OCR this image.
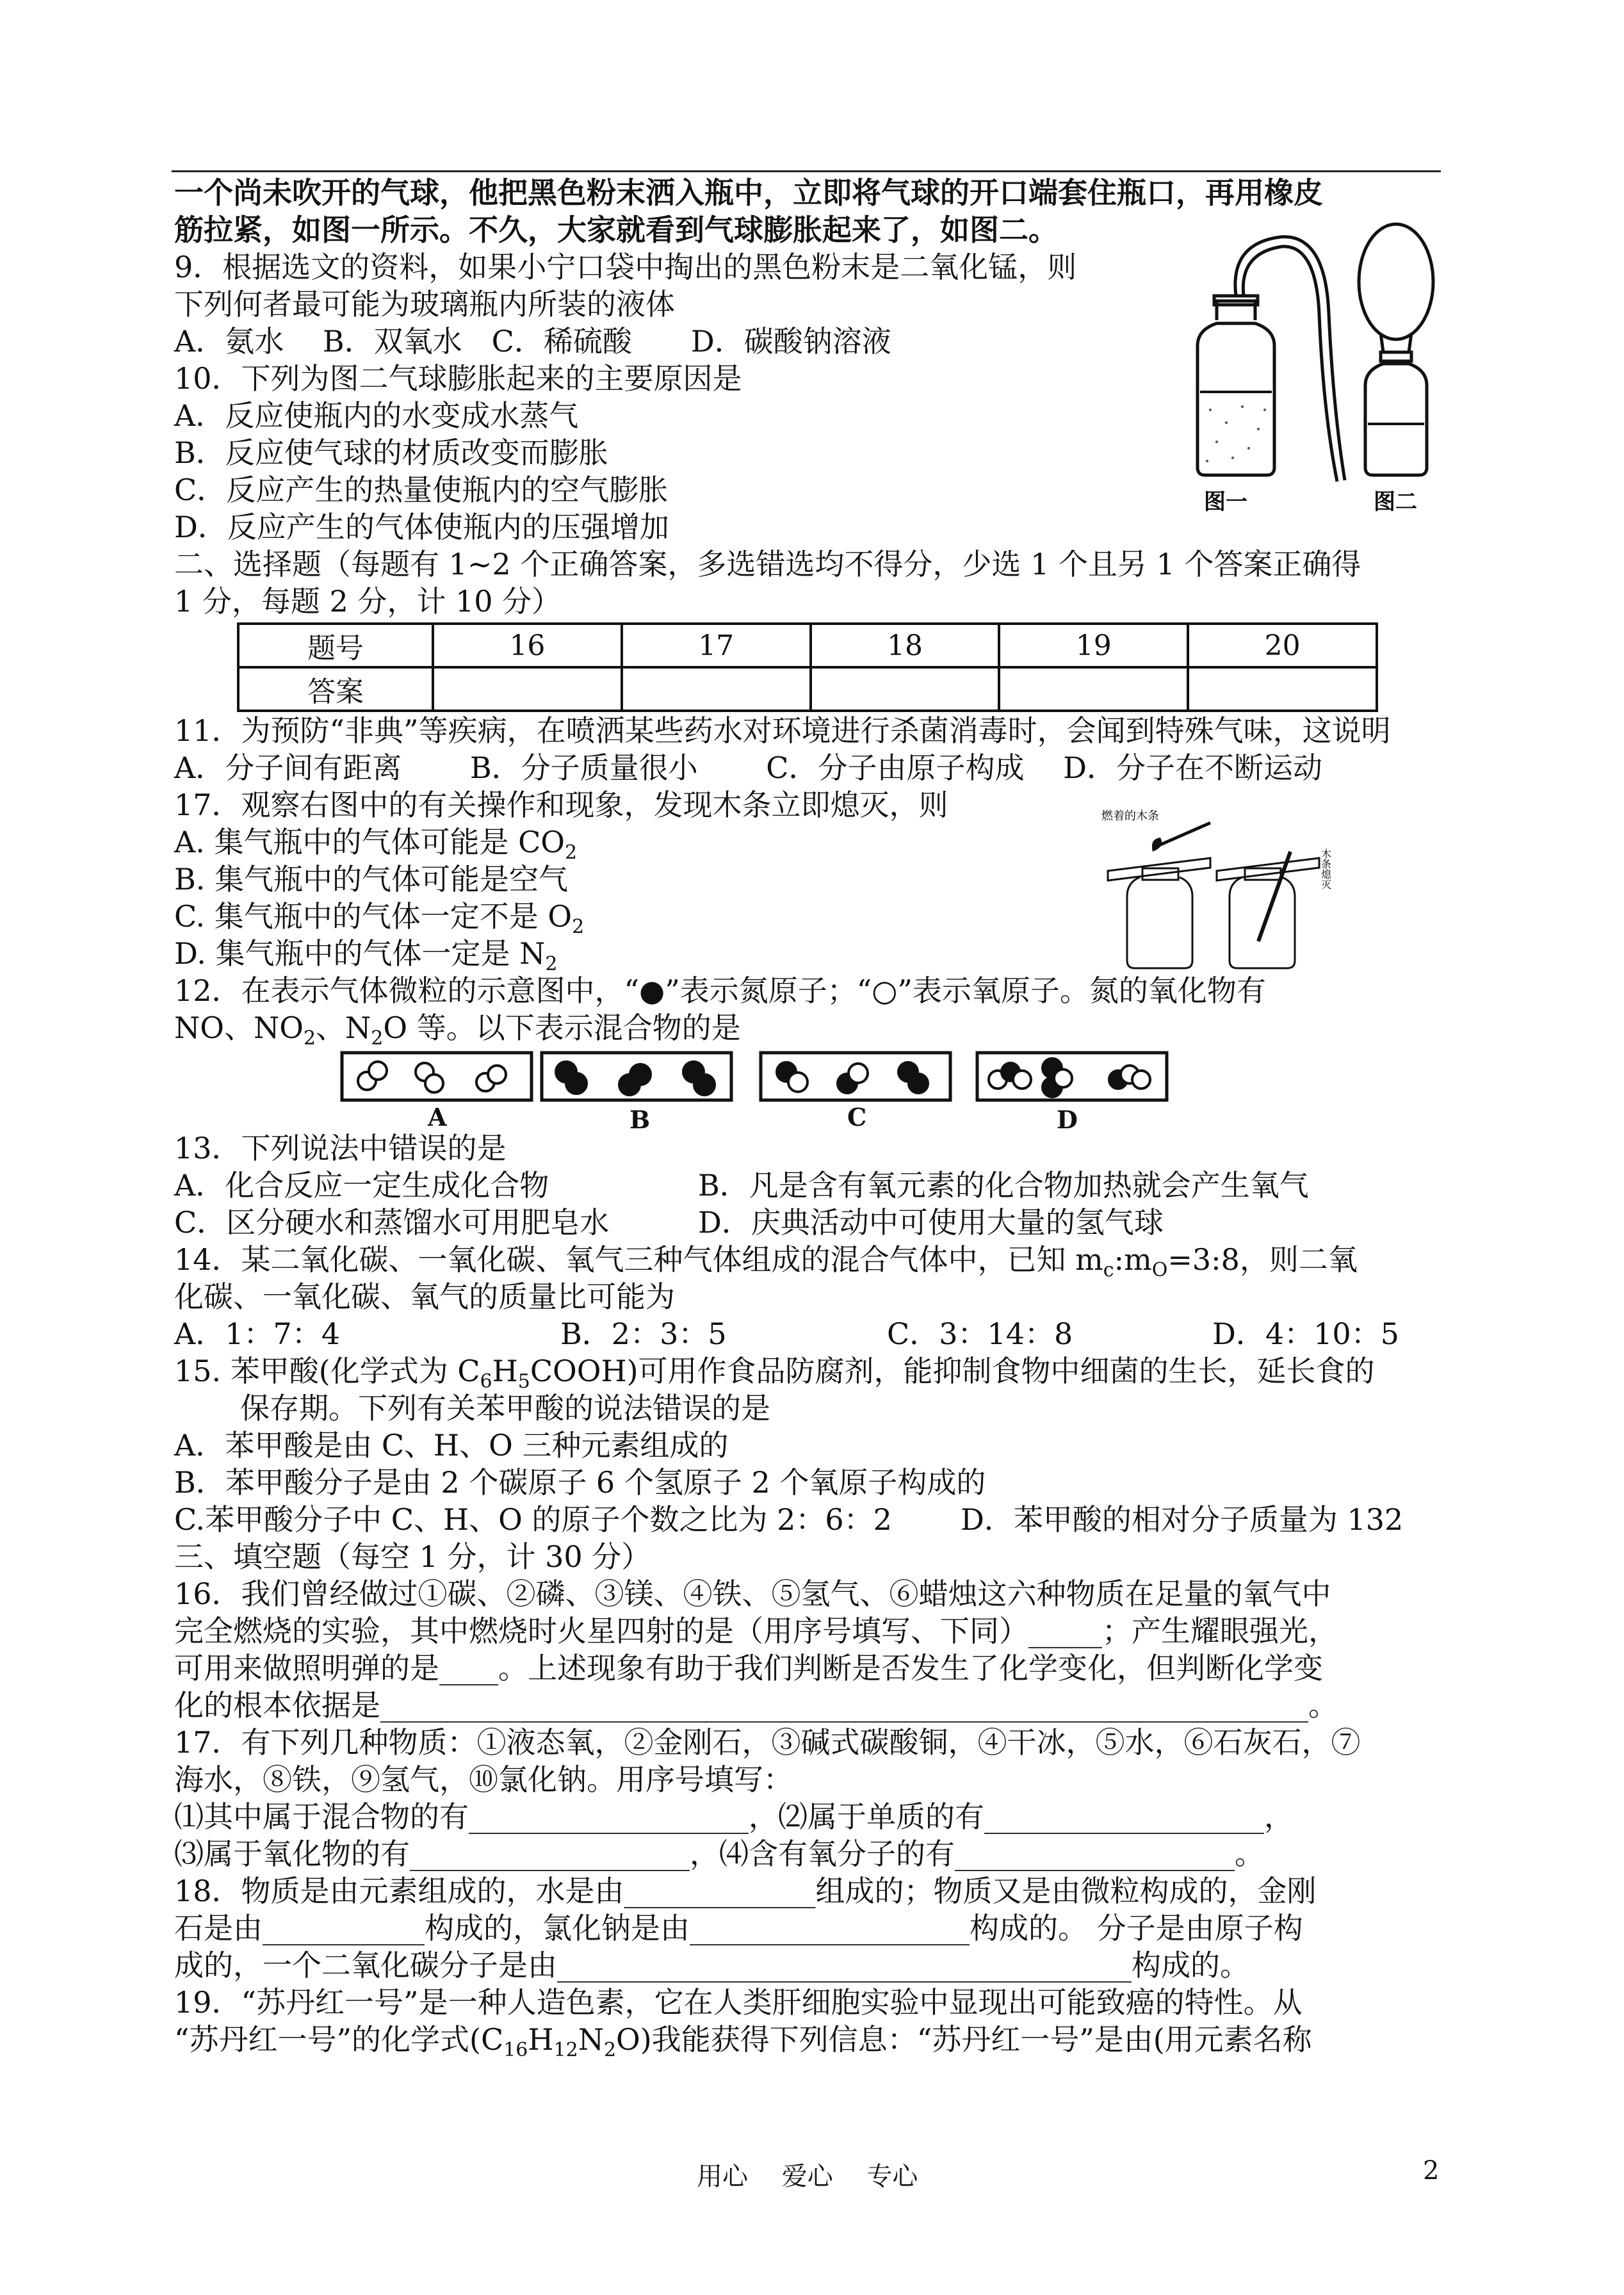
一个尚未吹开的气球，他把黑色粉末洒入瓶中，立即将气球的开口端套住瓶口，再用橡皮
筋拉紧，如图一所示。不久，大家就看到气球膨胀起来了，如图二。
9．根据选文的资料，如果小宁口袋中掏出的黑色粉末是二氧化锰，则
下列何者最可能为玻璃瓶内所装的液体
A．氨水　 B．双氧水　C．稀硫酸　　D．碳酸钠溶液
10．下列为图二气球膨胀起来的主要原因是
A．反应使瓶内的水变成水蒸气
B．反应使气球的材质改变而膨胀
C．反应产生的热量使瓶内的空气膨胀
D．反应产生的气体使瓶内的压强增加
图一	图二
二、选择题（每题有 1~2 个正确答案，多选错选均不得分，少选 1 个且另 1 个答案正确得
1 分，每题 2 分，计 10 分）
题号	16	17	18	19	20
答案					
11．为预防“非典”等疾病，在喷洒某些药水对环境进行杀菌消毒时，会闻到特殊气味，这说明
A．分子间有距离　　 B．分子质量很小　　 C．分子由原子构成　 D．分子在不断运动
17．观察右图中的有关操作和现象，发现木条立即熄灭，则
A. 集气瓶中的气体可能是 $CO_2$
B. 集气瓶中的气体可能是空气
C. 集气瓶中的气体一定不是 $O_2$
D. 集气瓶中的气体一定是 $N_2$
燃着的木条
木条熄灭
12．在表示气体微粒的示意图中，“●”表示氮原子；“○”表示氧原子。氮的氧化物有
NO、$NO_2$、$N_2O$ 等。以下表示混合物的是
A	B	C	D
13．下列说法中错误的是
A．化合反应一定生成化合物	B．凡是含有氧元素的化合物加热就会产生氧气
C．区分硬水和蒸馏水可用肥皂水	D．庆典活动中可使用大量的氢气球
14．某二氧化碳、一氧化碳、氧气三种气体组成的混合气体中，已知 $m_c:m_O=3:8$，则二氧
化碳、一氧化碳、氧气的质量比可能为
A．1：7：4	B．2：3：5	C．3：14：8	D．4：10：5
15. 苯甲酸(化学式为 $C_6H_5COOH$)可用作食品防腐剂，能抑制食物中细菌的生长，延长食的
保存期。下列有关苯甲酸的说法错误的是
A．苯甲酸是由 C、H、O 三种元素组成的
B．苯甲酸分子是由 2 个碳原子 6 个氢原子 2 个氧原子构成的
C.苯甲酸分子中 C、H、O 的原子个数之比为 2：6：2 D．苯甲酸的相对分子质量为 132
三、填空题（每空 1 分，计 30 分）
16．我们曾经做过①碳、②磷、③镁、④铁、⑤氢气、⑥蜡烛这六种物质在足量的氧气中
完全燃烧的实验，其中燃烧时火星四射的是（用序号填写、下同）_____；产生耀眼强光，
可用来做照明弹的是____。上述现象有助于我们判断是否发生了化学变化，但判断化学变
化的根本依据是_______________________________________________________________。
17．有下列几种物质：①液态氧，②金刚石，③碱式碳酸铜，④干冰，⑤水，⑥石灰石，⑦
海水，⑧铁，⑨氢气，⑩氯化钠。用序号填写：
⑴其中属于混合物的有___________________，⑵属于单质的有___________________，
⑶属于氧化物的有___________________，⑷含有氧分子的有___________________。
18．物质是由元素组成的，水是由_____________组成的；物质又是由微粒构成的，金刚
石是由___________构成的，氯化钠是由___________________构成的。 分子是由原子构
成的，一个二氧化碳分子是由_______________________________________构成的。
19．“苏丹红一号”是一种人造色素，它在人类肝细胞实验中显现出可能致癌的特性。从
“苏丹红一号”的化学式$(C_{16}H_{12}N_2O)$我能获得下列信息：“苏丹红一号”是由(用元素名称
用心　 爱心　 专心	2
